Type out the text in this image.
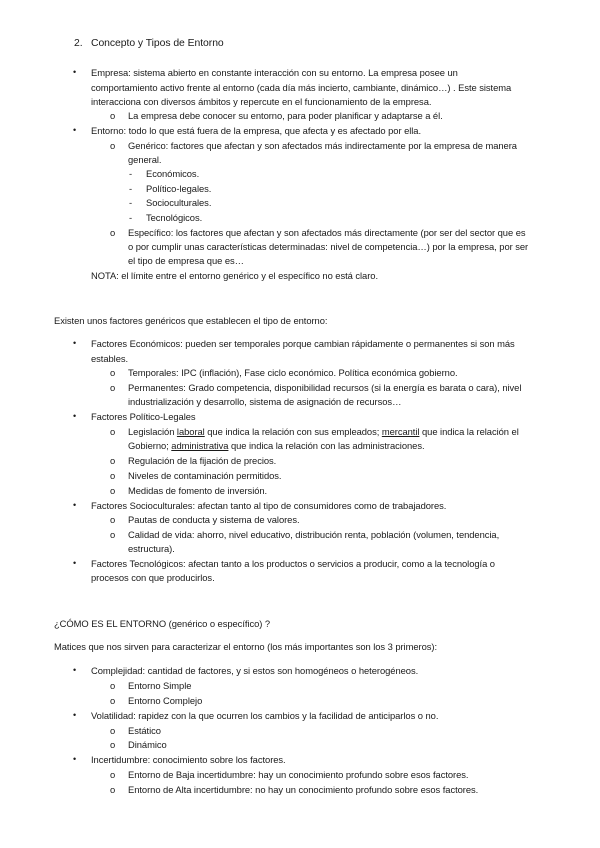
2. Concepto y Tipos de Entorno
• Empresa: sistema abierto en constante interacción con su entorno. La empresa posee un
comportamiento activo frente al entorno (cada día más incierto, cambiante, dinámico…) . Este sistema
interacciona con diversos ámbitos y repercute en el funcionamiento de la empresa.
o La empresa debe conocer su entorno, para poder planificar y adaptarse a él.
• Entorno: todo lo que está fuera de la empresa, que afecta y es afectado por ella.
o Genérico: factores que afectan y son afectados más indirectamente por la empresa de manera
general.
- Económicos.
- Político-legales.
- Socioculturales.
- Tecnológicos.
o Específico: los factores que afectan y son afectados más directamente (por ser del sector que es
o por cumplir unas características determinadas: nivel de competencia…) por la empresa, por ser
el tipo de empresa que es…
NOTA: el límite entre el entorno genérico y el específico no está claro.
Existen unos factores genéricos que establecen el tipo de entorno:
• Factores Económicos: pueden ser temporales porque cambian rápidamente o permanentes si son más
estables.
o Temporales: IPC (inflación), Fase ciclo económico. Política económica gobierno.
o Permanentes: Grado competencia, disponibilidad recursos (si la energía es barata o cara), nivel
industrialización y desarrollo, sistema de asignación de recursos…
• Factores Político-Legales
o Legislación laboral que indica la relación con sus empleados; mercantil que indica la relación el
Gobierno; administrativa que indica la relación con las administraciones.
o Regulación de la fijación de precios.
o Niveles de contaminación permitidos.
o Medidas de fomento de inversión.
• Factores Socioculturales: afectan tanto al tipo de consumidores como de trabajadores.
o Pautas de conducta y sistema de valores.
o Calidad de vida: ahorro, nivel educativo, distribución renta, población (volumen, tendencia,
estructura).
• Factores Tecnológicos: afectan tanto a los productos o servicios a producir, como a la tecnología o
procesos con que producirlos.
¿CÓMO ES EL ENTORNO (genérico o específico) ?
Matices que nos sirven para caracterizar el entorno (los más importantes son los 3 primeros):
• Complejidad: cantidad de factores, y si estos son homogéneos o heterogéneos.
o Entorno Simple
o Entorno Complejo
• Volatilidad: rapidez con la que ocurren los cambios y la facilidad de anticiparlos o no.
o Estático
o Dinámico
• Incertidumbre: conocimiento sobre los factores.
o Entorno de Baja incertidumbre: hay un conocimiento profundo sobre esos factores.
o Entorno de Alta incertidumbre: no hay un conocimiento profundo sobre esos factores.
